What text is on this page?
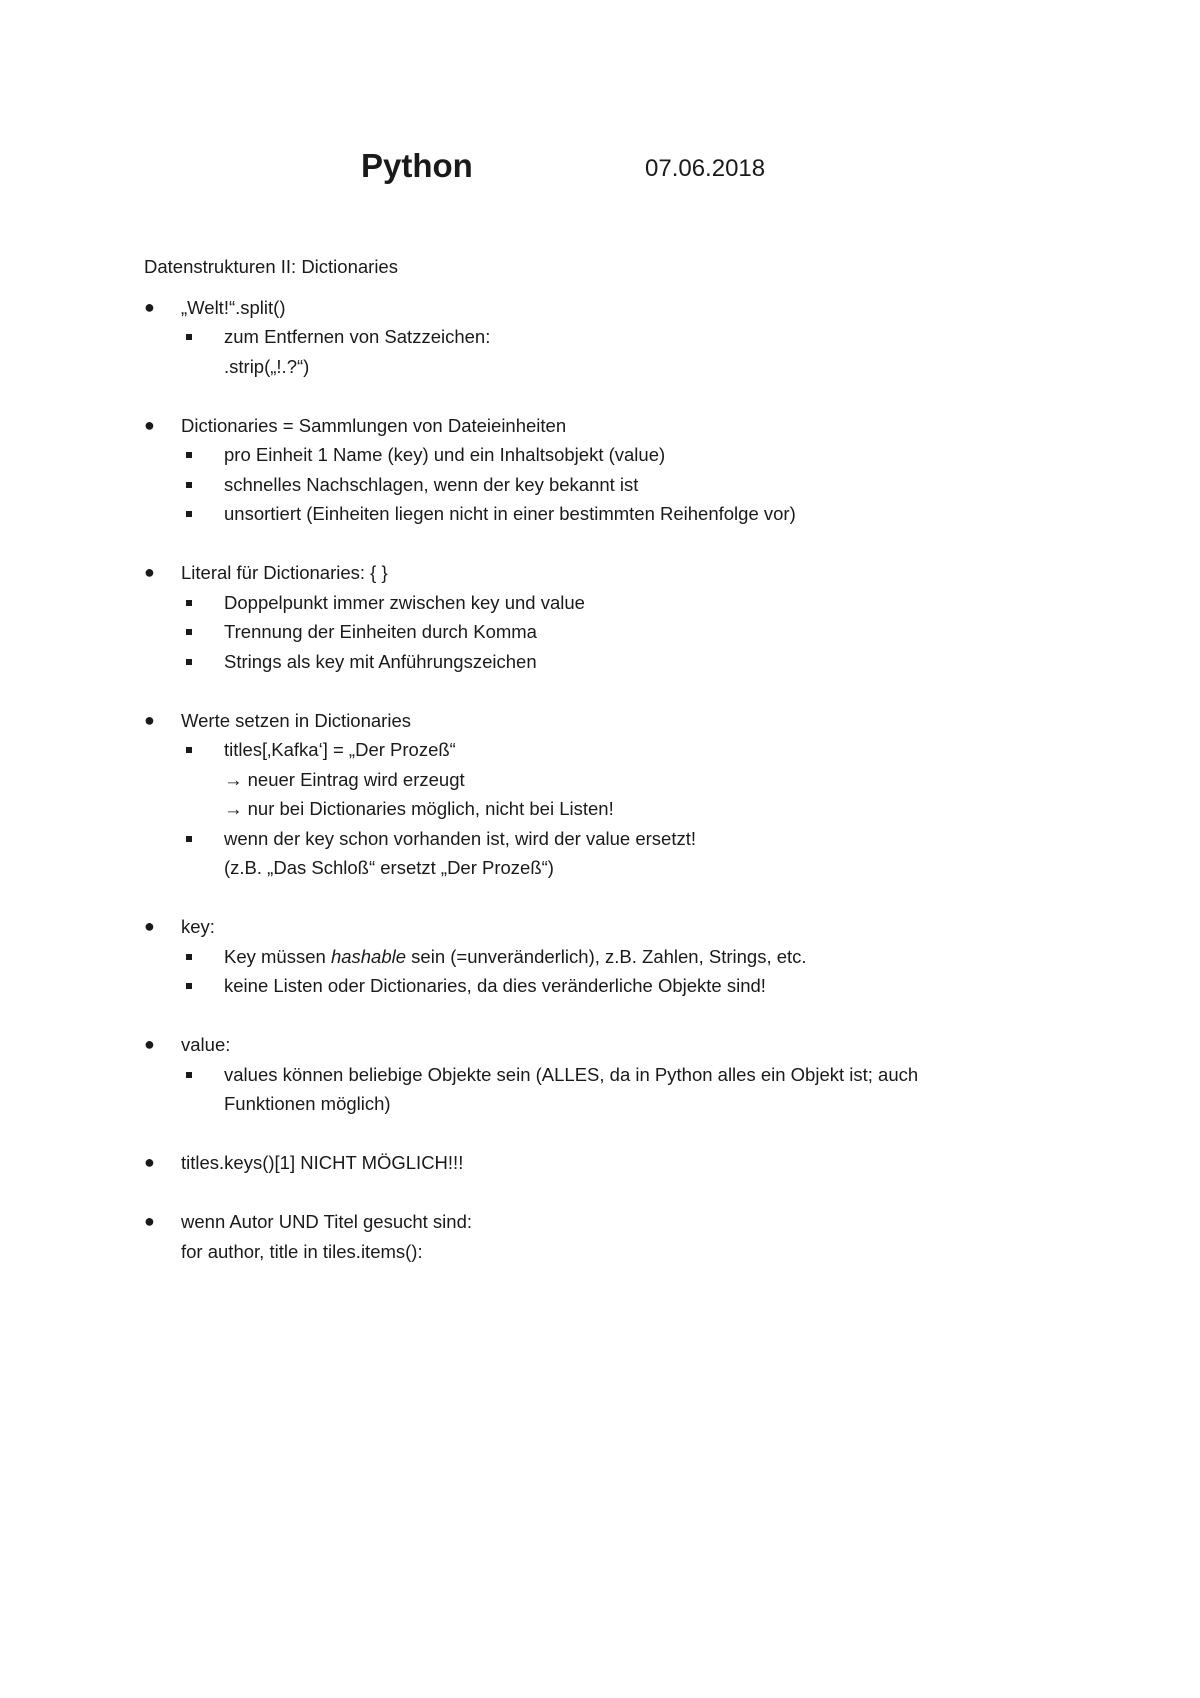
Python	07.06.2018
Datenstrukturen II: Dictionaries
●	„Welt!“.split()
zum Entfernen von Satzzeichen:
.strip(„!.?“)
●	Dictionaries = Sammlungen von Dateieinheiten
pro Einheit 1 Name (key) und ein Inhaltsobjekt (value)
schnelles Nachschlagen, wenn der key bekannt ist
unsortiert (Einheiten liegen nicht in einer bestimmten Reihenfolge vor)
●	Literal für Dictionaries: { }
Doppelpunkt immer zwischen key und value
Trennung der Einheiten durch Komma
Strings als key mit Anführungszeichen
●	Werte setzen in Dictionaries
titles[‚Kafka‘] = „Der Prozeß“
→ neuer Eintrag wird erzeugt
→ nur bei Dictionaries möglich, nicht bei Listen!
wenn der key schon vorhanden ist, wird der value ersetzt!
(z.B. „Das Schloß“ ersetzt „Der Prozeß“)
●	key:
Key müssen hashable sein (=unveränderlich), z.B. Zahlen, Strings, etc.
keine Listen oder Dictionaries, da dies veränderliche Objekte sind!
●	value:
values können beliebige Objekte sein (ALLES, da in Python alles ein Objekt ist; auch Funktionen möglich)
●	titles.keys()[1] NICHT MÖGLICH!!!
●	wenn Autor UND Titel gesucht sind:
for author, title in tiles.items():
